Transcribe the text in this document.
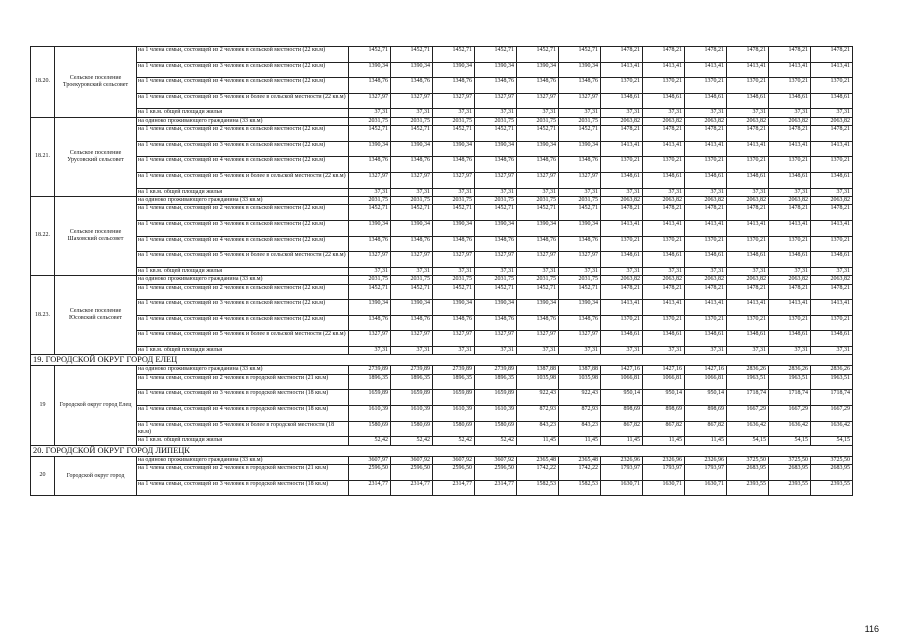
18.20.	Сельское поселение Троекуровский сельсовет	на 1 члена семьи, состоящей из 2 человек в сельской местности (22 кв.м)	1452,71	1452,71	1452,71	1452,71	1452,71	1452,71	1478,21	1478,21	1478,21	1478,21	1478,21	1478,21
		на 1 члена семьи, состоящей из 3 человек в сельской местности (22 кв.м)	1390,34	1390,34	1390,34	1390,34	1390,34	1390,34	1413,41	1413,41	1413,41	1413,41	1413,41	1413,41
		на 1 члена семьи, состоящей из 4 человек в сельской местности (22 кв.м)	1348,76	1348,76	1348,76	1348,76	1348,76	1348,76	1370,21	1370,21	1370,21	1370,21	1370,21	1370,21
		на 1 члена семьи, состоящей из 5 человек и более в сельской местности (22 кв.м)	1327,97	1327,97	1327,97	1327,97	1327,97	1327,97	1348,61	1348,61	1348,61	1348,61	1348,61	1348,61
		на 1 кв.м. общей площади жилья	37,31	37,31	37,31	37,31	37,31	37,31	37,31	37,31	37,31	37,31	37,31	37,31
18.21.	Сельское поселение Урусовский сельсовет	на одиноко проживающего гражданина (33 кв.м)	2031,75	2031,75	2031,75	2031,75	2031,75	2031,75	2063,82	2063,82	2063,82	2063,82	2063,82	2063,82
		на 1 члена семьи, состоящей из 2 человек в сельской местности (22 кв.м)	1452,71	1452,71	1452,71	1452,71	1452,71	1452,71	1478,21	1478,21	1478,21	1478,21	1478,21	1478,21
		на 1 члена семьи, состоящей из 3 человек в сельской местности (22 кв.м)	1390,34	1390,34	1390,34	1390,34	1390,34	1390,34	1413,41	1413,41	1413,41	1413,41	1413,41	1413,41
		на 1 члена семьи, состоящей из 4 человек в сельской местности (22 кв.м)	1348,76	1348,76	1348,76	1348,76	1348,76	1348,76	1370,21	1370,21	1370,21	1370,21	1370,21	1370,21
		на 1 члена семьи, состоящей из 5 человек и более в сельской местности (22 кв.м)	1327,97	1327,97	1327,97	1327,97	1327,97	1327,97	1348,61	1348,61	1348,61	1348,61	1348,61	1348,61
		на 1 кв.м. общей площади жилья	37,31	37,31	37,31	37,31	37,31	37,31	37,31	37,31	37,31	37,31	37,31	37,31
18.22.	Сельское поселение Шаховский сельсовет	на одиноко проживающего гражданина (33 кв.м)	2031,75	2031,75	2031,75	2031,75	2031,75	2031,75	2063,82	2063,82	2063,82	2063,82	2063,82	2063,82
		на 1 члена семьи, состоящей из 2 человек в сельской местности (22 кв.м)	1452,71	1452,71	1452,71	1452,71	1452,71	1452,71	1478,21	1478,21	1478,21	1478,21	1478,21	1478,21
		на 1 члена семьи, состоящей из 3 человек в сельской местности (22 кв.м)	1390,34	1390,34	1390,34	1390,34	1390,34	1390,34	1413,41	1413,41	1413,41	1413,41	1413,41	1413,41
		на 1 члена семьи, состоящей из 4 человек в сельской местности (22 кв.м)	1348,76	1348,76	1348,76	1348,76	1348,76	1348,76	1370,21	1370,21	1370,21	1370,21	1370,21	1370,21
		на 1 члена семьи, состоящей из 5 человек и более в сельской местности (22 кв.м)	1327,97	1327,97	1327,97	1327,97	1327,97	1327,97	1348,61	1348,61	1348,61	1348,61	1348,61	1348,61
		на 1 кв.м. общей площади жилья	37,31	37,31	37,31	37,31	37,31	37,31	37,31	37,31	37,31	37,31	37,31	37,31
18.23.	Сельское поселение Юсовский сельсовет	на одиноко проживающего гражданина (33 кв.м)	2031,75	2031,75	2031,75	2031,75	2031,75	2031,75	2063,82	2063,82	2063,82	2063,82	2063,82	2063,82
		на 1 члена семьи, состоящей из 2 человек в сельской местности (22 кв.м)	1452,71	1452,71	1452,71	1452,71	1452,71	1452,71	1478,21	1478,21	1478,21	1478,21	1478,21	1478,21
		на 1 члена семьи, состоящей из 3 человек в сельской местности (22 кв.м)	1390,34	1390,34	1390,34	1390,34	1390,34	1390,34	1413,41	1413,41	1413,41	1413,41	1413,41	1413,41
		на 1 члена семьи, состоящей из 4 человек в сельской местности (22 кв.м)	1348,76	1348,76	1348,76	1348,76	1348,76	1348,76	1370,21	1370,21	1370,21	1370,21	1370,21	1370,21
		на 1 члена семьи, состоящей из 5 человек и более в сельской местности (22 кв.м)	1327,97	1327,97	1327,97	1327,97	1327,97	1327,97	1348,61	1348,61	1348,61	1348,61	1348,61	1348,61
		на 1 кв.м. общей площади жилья	37,31	37,31	37,31	37,31	37,31	37,31	37,31	37,31	37,31	37,31	37,31	37,31
19. ГОРОДСКОЙ ОКРУГ ГОРОД ЕЛЕЦ														
19	Городской округ город Елец	на одиноко проживающего гражданина (33 кв.м)	2739,89	2739,89	2739,89	2739,89	1387,88	1387,88	1427,16	1427,16	1427,16	2836,26	2836,26	2836,26
		на 1 члена семьи, состоящей из 2 человек в городской местности (21 кв.м)	1896,35	1896,35	1896,35	1896,35	1035,98	1035,98	1066,81	1066,81	1066,81	1963,51	1963,51	1963,51
		на 1 члена семьи, состоящей из 3 человек в городской местности (18 кв.м)	1659,89	1659,89	1659,89	1659,89	922,43	922,43	950,14	950,14	950,14	1718,74	1718,74	1718,74
		на 1 члена семьи, состоящей из 4 человек в городской местности (18 кв.м)	1610,39	1610,39	1610,39	1610,39	872,93	872,93	898,69	898,69	898,69	1667,29	1667,29	1667,29
		на 1 члена семьи, состоящей из 5 человек и более в городской местности (18 кв.м)	1580,69	1580,69	1580,69	1580,69	843,23	843,23	867,82	867,82	867,82	1636,42	1636,42	1636,42
		на 1 кв.м. общей площади жилья	52,42	52,42	52,42	52,42	11,45	11,45	11,45	11,45	11,45	54,15	54,15	54,15
20. ГОРОДСКОЙ ОКРУГ ГОРОД ЛИПЕЦК														
20	Городской округ город	на одиноко проживающего гражданина (33 кв.м)	3607,97	3607,92	3607,92	3607,92	2365,48	2365,48	2326,96	2326,96	2326,96	3725,50	3725,50	3725,50
		на 1 члена семьи, состоящей из 2 человек в городской местности (21 кв.м)	2596,50	2596,50	2596,50	2596,50	1742,22	1742,22	1793,97	1793,97	1793,97	2683,95	2683,95	2683,95
		на 1 члена семьи, состоящей из 3 человек в городской местности (18 кв.м)	2314,77	2314,77	2314,77	2314,77	1582,53	1582,53	1630,71	1630,71	1630,71	2393,55	2393,55	2393,55
116
